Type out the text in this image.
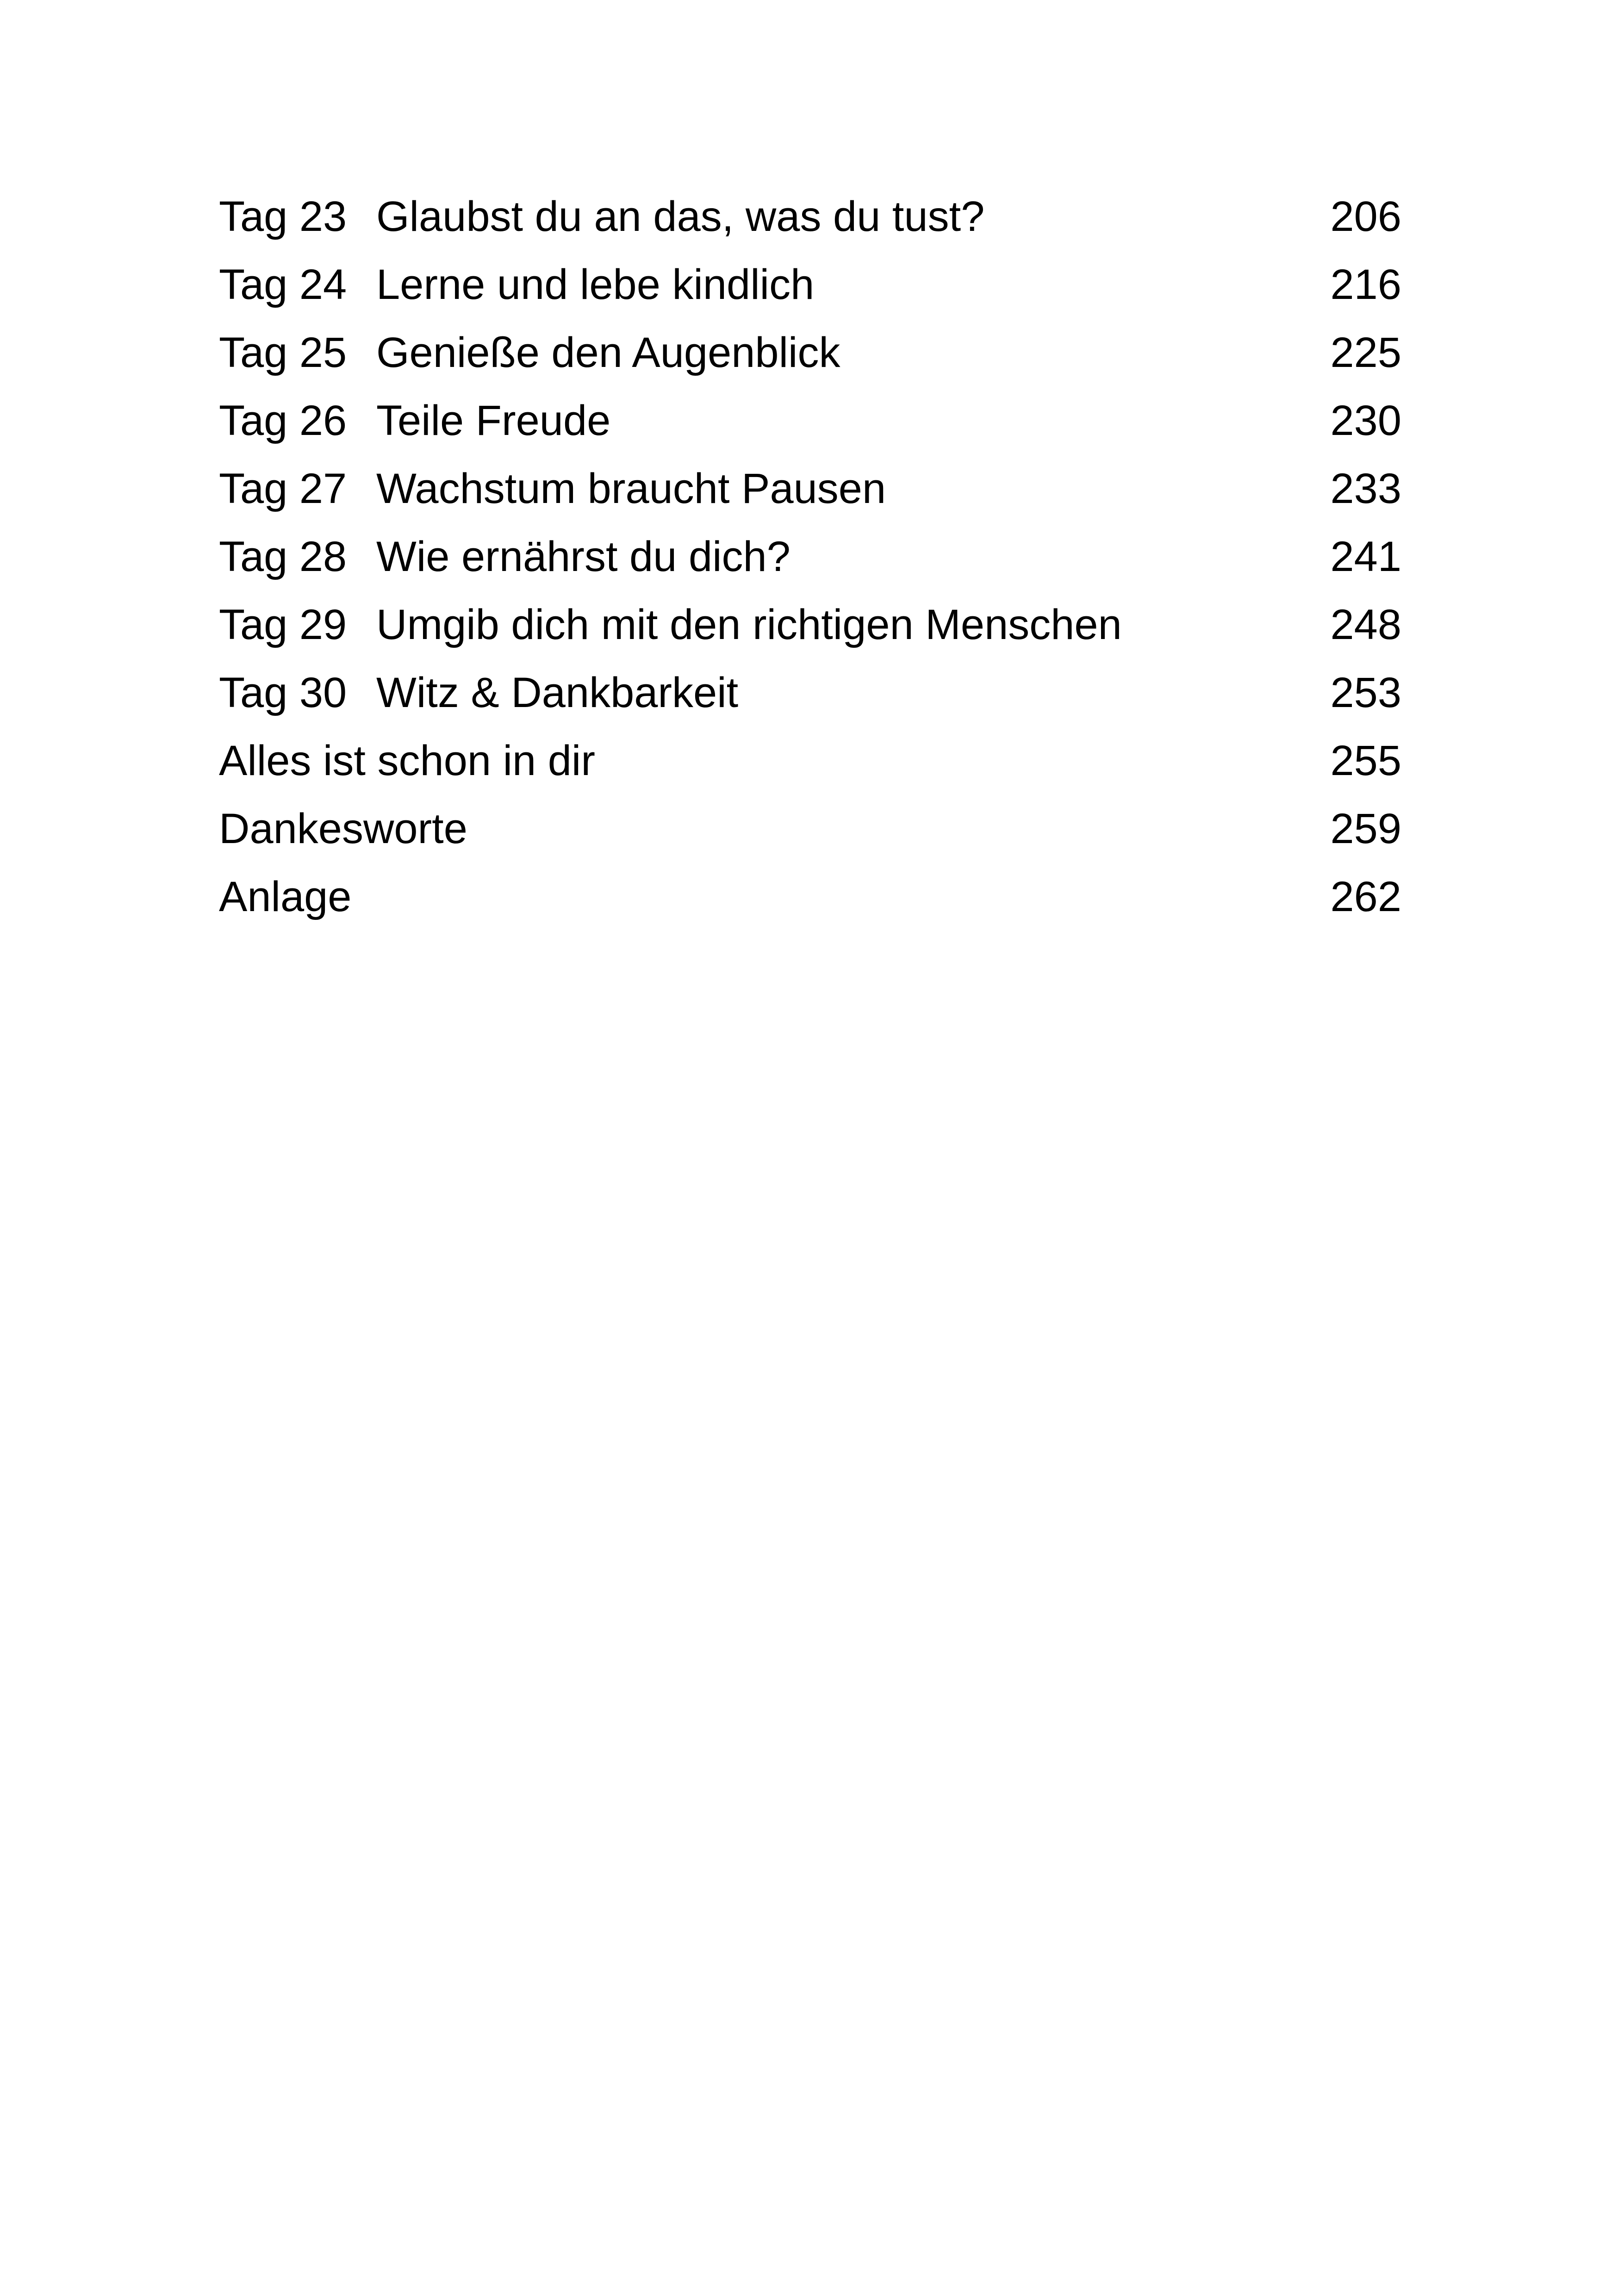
Tag 23 Glaubst du an das, was du tust?	206
Tag 24 Lerne und lebe kindlich	216
Tag 25 Genieße den Augenblick	225
Tag 26 Teile Freude	230
Tag 27 Wachstum braucht Pausen	233
Tag 28 Wie ernährst du dich?	241
Tag 29 Umgib dich mit den richtigen Menschen	248
Tag 30 Witz & Dankbarkeit	253
Alles ist schon in dir	255
Dankesworte	259
Anlage	262
